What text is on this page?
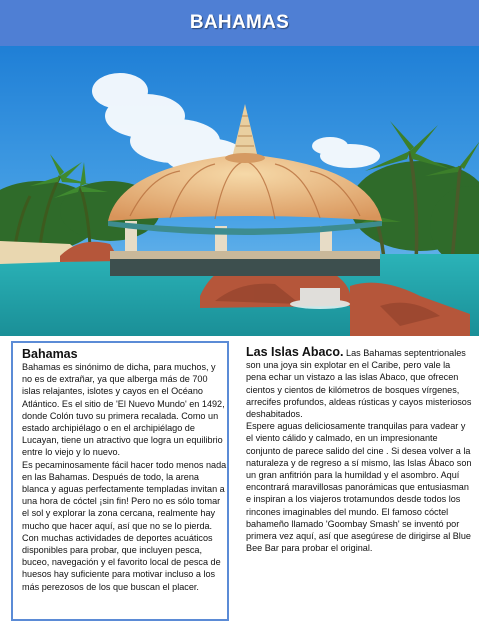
BAHAMAS
Bahamas

Bahamas es sinónimo de dicha, para muchos, y no es de extrañar, ya que alberga más de 700 islas relajantes, islotes y cayos en el Océano Atlántico. Es el sitio de 'El Nuevo Mundo' en 1492, donde Colón tuvo su primera recalada. Como un estado archipiélago o en el archipiélago de Lucayan, tiene un atractivo que logra un equilibrio entre lo viejo y lo nuevo.

Es pecaminosamente fácil hacer todo menos nada en las Bahamas. Después de todo, la arena blanca y aguas perfectamente templadas invitan a una hora de cóctel ¡sin fin! Pero no es sólo tomar el sol y explorar la zona cercana, realmente hay mucho que hacer aquí, así que no se lo pierda. Con muchas actividades de deportes acuáticos disponibles para probar, que incluyen pesca, buceo, navegación y el favorito local de pesca de huesos hay suficiente para motivar incluso a los más perezosos de los que buscan el placer.

Las Islas Abaco. Las Bahamas septentrionales son una joya sin explotar en el Caribe, pero vale la pena echar un vistazo a las islas Abaco, que ofrecen cientos y cientos de kilómetros de bosques vírgenes, arrecifes profundos, aldeas rústicas y cayos misteriosos deshabitados.

Espere aguas deliciosamente tranquilas para vadear y el viento cálido y calmado, en un impresionante conjunto de parece salido del cine . Si desea volver a la naturaleza y de regreso a sí mismo, las Islas Ábaco son un gran anfitrión para la humildad y el asombro. Aquí encontrará maravillosas panorámicas que entusiasman e inspiran a los viajeros trotamundos desde todos los rincones imaginables del mundo. El famoso cóctel bahameño llamado 'Goombay Smash' se inventó por primera vez aquí, así que asegúrese de dirigirse al Blue Bee Bar para probar el original.
